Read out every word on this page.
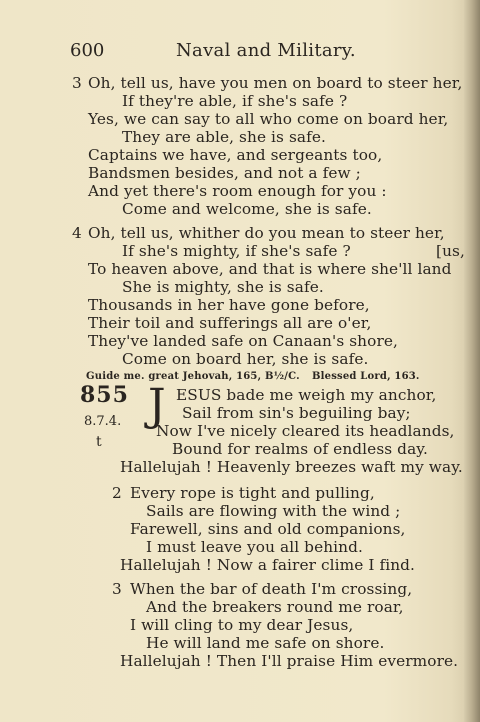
600	Naval and Military.
3 Oh, tell us, have you men on board to steer her,
If they're able, if she's safe ?
Yes, we can say to all who come on board her,
They are able, she is safe.
Captains we have, and sergeants too,
Bandsmen besides, and not a few ;
And yet there's room enough for you :
Come and welcome, she is safe.
4 Oh, tell us, whither do you mean to steer her,
If she's mighty, if she's safe ?	[us,
To heaven above, and that is where she'll land
She is mighty, she is safe.
Thousands in her have gone before,
Their toil and sufferings all are o'er,
They've landed safe on Canaan's shore,
Come on board her, she is safe.
Guide me. great Jehovah, 165, B½/C. Blessed Lord, 163.
855
8.7.4.
t
J ESUS bade me weigh my anchor,
Sail from sin's beguiling bay;
Now I've nicely cleared its headlands,
Bound for realms of endless day.
Hallelujah ! Heavenly breezes waft my way.
2 Every rope is tight and pulling,
Sails are flowing with the wind ;
Farewell, sins and old companions,
I must leave you all behind.
Hallelujah ! Now a fairer clime I find.
3 When the bar of death I'm crossing,
And the breakers round me roar,
I will cling to my dear Jesus,
He will land me safe on shore.
Hallelujah ! Then I'll praise Him evermore.
